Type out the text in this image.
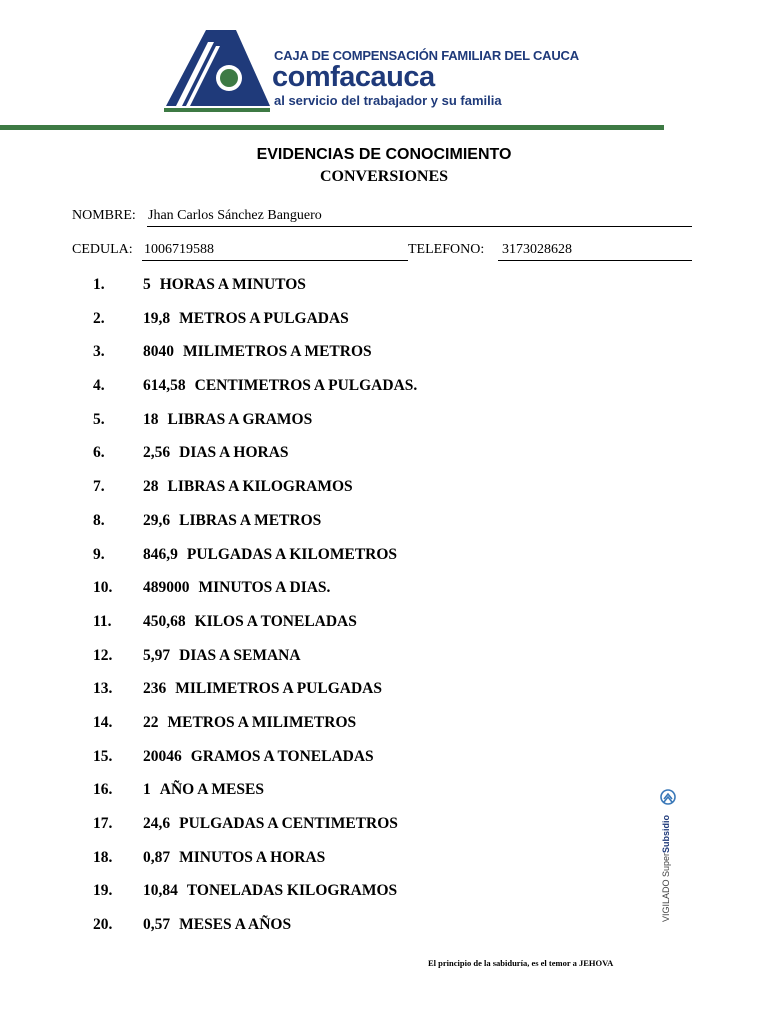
CAJA DE COMPENSACIÓN FAMILIAR DEL CAUCA
comfacauca
al servicio del trabajador y su familia
EVIDENCIAS DE CONOCIMIENTO
CONVERSIONES
NOMBRE: Jhan Carlos Sánchez Banguero
CEDULA: 1006719588	TELEFONO: 3173028628
1. 5 HORAS A MINUTOS
2. 19,8 METROS A PULGADAS
3. 8040 MILIMETROS A METROS
4. 614,58 CENTIMETROS A PULGADAS.
5. 18 LIBRAS A GRAMOS
6. 2,56 DIAS A HORAS
7. 28 LIBRAS A KILOGRAMOS
8. 29,6 LIBRAS A METROS
9. 846,9 PULGADAS A KILOMETROS
10. 489000 MINUTOS A DIAS.
11. 450,68 KILOS A TONELADAS
12. 5,97 DIAS A SEMANA
13. 236 MILIMETROS A PULGADAS
14. 22 METROS A MILIMETROS
15. 20046 GRAMOS A TONELADAS
16. 1 AÑO A MESES
17. 24,6 PULGADAS A CENTIMETROS
18. 0,87 MINUTOS A HORAS
19. 10,84 TONELADAS KILOGRAMOS
20. 0,57 MESES A AÑOS
VIGILADO SuperSubsidio
El principio de la sabiduría, es el temor a JEHOVA
